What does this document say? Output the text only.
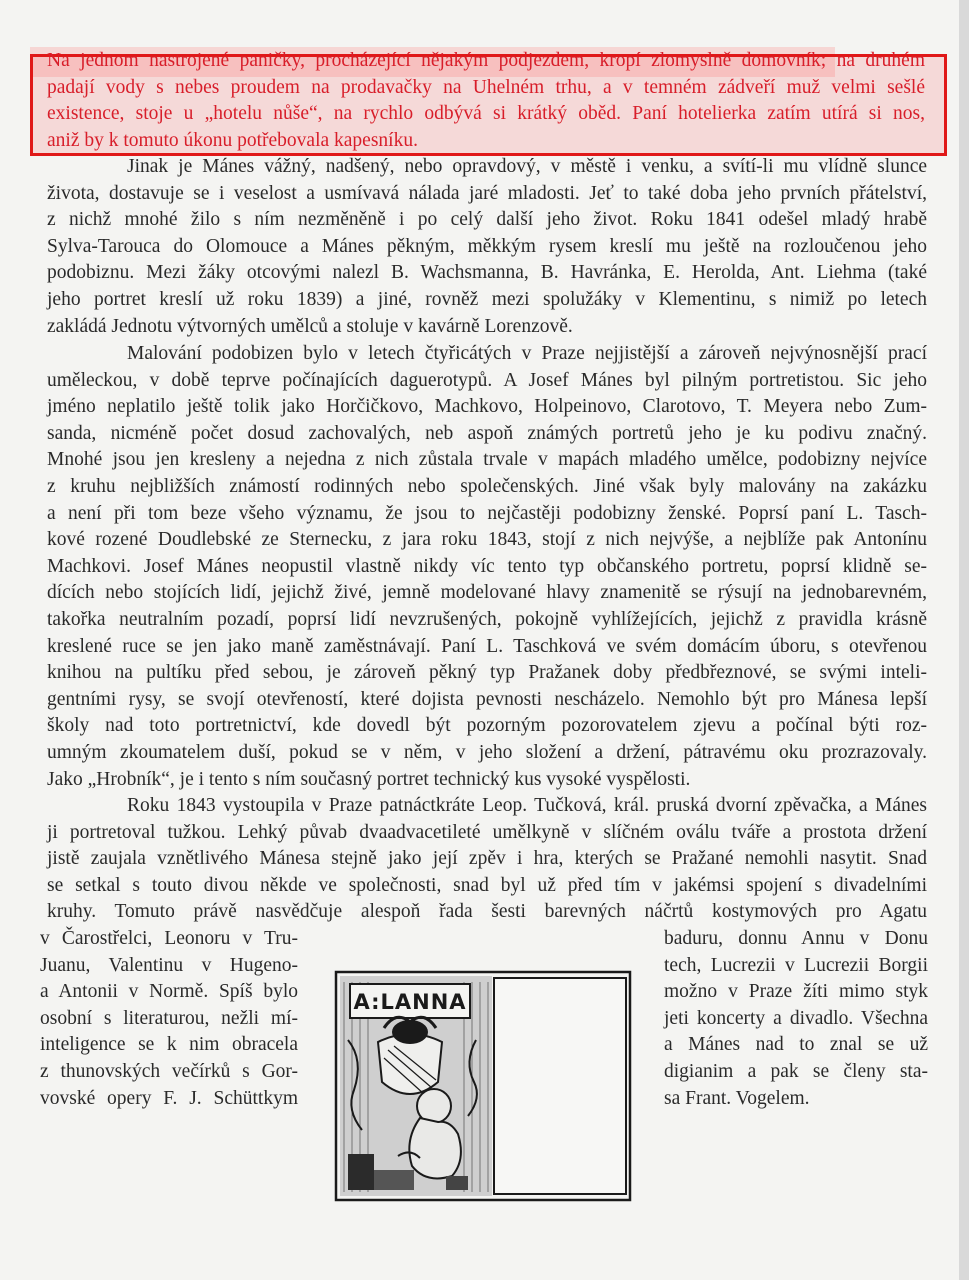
Na jednom nastrojené paničky, procházející nějakým podjezdem, kropí zlomyslně domovník; na druhém
padají vody s nebes proudem na prodavačky na Uhelném trhu, a v temném zádveří muž velmi sešlé
existence, stoje u „hotelu nůše“, na rychlo odbývá si krátký oběd. Paní hotelierka zatím utírá si nos,
aniž by k tomuto úkonu potřebovala kapesníku.
Jinak je Mánes vážný, nadšený, nebo opravdový, v městě i venku, a svítí-li mu vlídně slunce
života, dostavuje se i veselost a usmívavá nálada jaré mladosti. Jeť to také doba jeho prvních přátelství,
z nichž mnohé žilo s ním nezměněně i po celý další jeho život. Roku 1841 odešel mladý hrabě
Sylva-Tarouca do Olomouce a Mánes pěkným, měkkým rysem kreslí mu ještě na rozloučenou jeho
podobiznu. Mezi žáky otcovými nalezl B. Wachsmanna, B. Havránka, E. Herolda, Ant. Liehma (také
jeho portret kreslí už roku 1839) a jiné, rovněž mezi spolužáky v Klementinu, s nimiž po letech
zakládá Jednotu výtvorných umělců a stoluje v kavárně Lorenzově.
Malování podobizen bylo v letech čtyřicátých v Praze nejjistější a zároveň nejvýnosnější prací
uměleckou, v době teprve počínajících daguerotypů. A Josef Mánes byl pilným portretistou. Sic jeho
jméno neplatilo ještě tolik jako Horčičkovo, Machkovo, Holpeinovo, Clarotovo, T. Meyera nebo Zum-
sanda, nicméně počet dosud zachovalých, neb aspoň známých portretů jeho je ku podivu značný.
Mnohé jsou jen kresleny a nejedna z nich zůstala trvale v mapách mladého umělce, podobizny nejvíce
z kruhu nejbližších známostí rodinných nebo společenských. Jiné však byly malovány na zakázku
a není při tom beze všeho významu, že jsou to nejčastěji podobizny ženské. Poprsí paní L. Tasch-
kové rozené Doudlebské ze Sternecku, z jara roku 1843, stojí z nich nejvýše, a nejblíže pak Antonínu
Machkovi. Josef Mánes neopustil vlastně nikdy víc tento typ občanského portretu, poprsí klidně se-
dících nebo stojících lidí, jejichž živé, jemně modelované hlavy znamenitě se rýsují na jednobarevném,
takořka neutralním pozadí, poprsí lidí nevzrušených, pokojně vyhlížejících, jejichž z pravidla krásně
kreslené ruce se jen jako maně zaměstnávají. Paní L. Taschková ve svém domácím úboru, s otevřenou
knihou na pultíku před sebou, je zároveň pěkný typ Pražanek doby předbřeznové, se svými inteli-
gentními rysy, se svojí otevřeností, které dojista pevnosti nescházelo. Nemohlo být pro Mánesa lepší
školy nad toto portretnictví, kde dovedl být pozorným pozorovatelem zjevu a počínal býti roz-
umným zkoumatelem duší, pokud se v něm, v jeho složení a držení, pátravému oku prozrazovaly.
Jako „Hrobník“, je i tento s ním současný portret technický kus vysoké vyspělosti.
Roku 1843 vystoupila v Praze patnáctkráte Leop. Tučková, král. pruská dvorní zpěvačka, a Mánes
ji portretoval tužkou. Lehký půvab dvaadvacetileté umělkyně v slíčném oválu tváře a prostota držení
jistě zaujala vznětlivého Mánesa stejně jako její zpěv i hra, kterých se Pražané nemohli nasytit. Snad
se setkal s touto divou někde ve společnosti, snad byl už před tím v jakémsi spojení s divadelními
kruhy. Tomuto právě nasvědčuje alespoň řada šesti barevných náčrtů kostymových pro Agatu
v Čarostřelci, Leonoru v Tru-
Juanu, Valentinu v Hugeno-
a Antonii v Normě. Spíš bylo
osobní s literaturou, nežli mí-
inteligence se k nim obracela
z thunovských večírků s Gor-
vovské opery F. J. Schüttkym
baduru, donnu Annu v Donu
tech, Lucrezii v Lucrezii Borgii
možno v Praze žíti mimo styk
jeti koncerty a divadlo. Všechna
a Mánes nad to znal se už
digianim a pak se členy sta-
sa Frant. Vogelem.
A:LANNA
